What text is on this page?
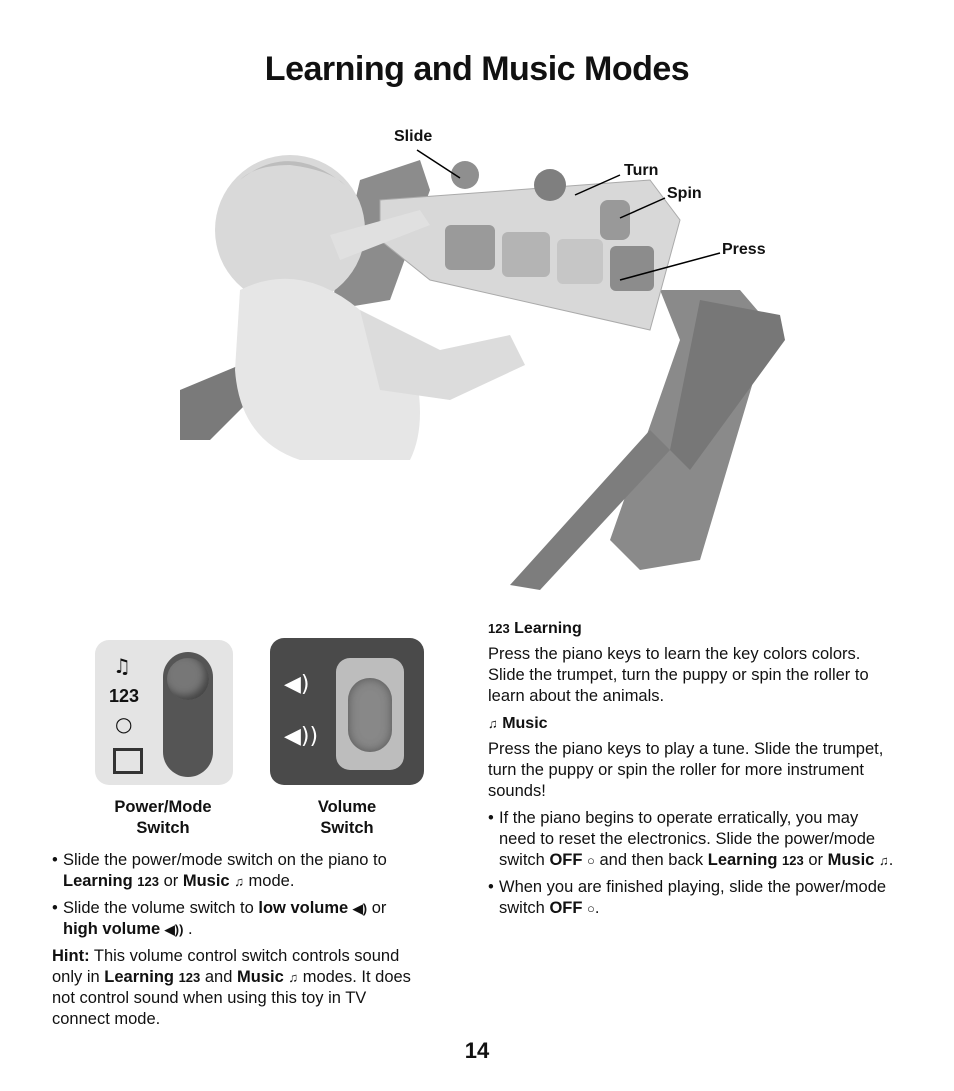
Learning and Music Modes
Slide
Turn
Spin
Press
♫
123
○
◀)
◀))
Power/Mode
Switch
Volume
Switch
• Slide the power/mode switch on the piano to
Learning 123 or Music ♫ mode.
• Slide the volume switch to low volume ◀) or
high volume ◀)) .
Hint: This volume control switch controls sound
only in Learning 123 and Music ♫ modes. It does
not control sound when using this toy in TV
connect mode.
123 Learning
Press the piano keys to learn the key colors colors. Slide the trumpet, turn the puppy or spin the roller to learn about the animals.
♫ Music
Press the piano keys to play a tune. Slide the trumpet, turn the puppy or spin the roller for more instrument sounds!
• If the piano begins to operate erratically, you may need to reset the electronics. Slide the power/mode switch OFF ○ and then back Learning 123 or Music ♫.
• When you are finished playing, slide the power/mode switch OFF ○.
14
